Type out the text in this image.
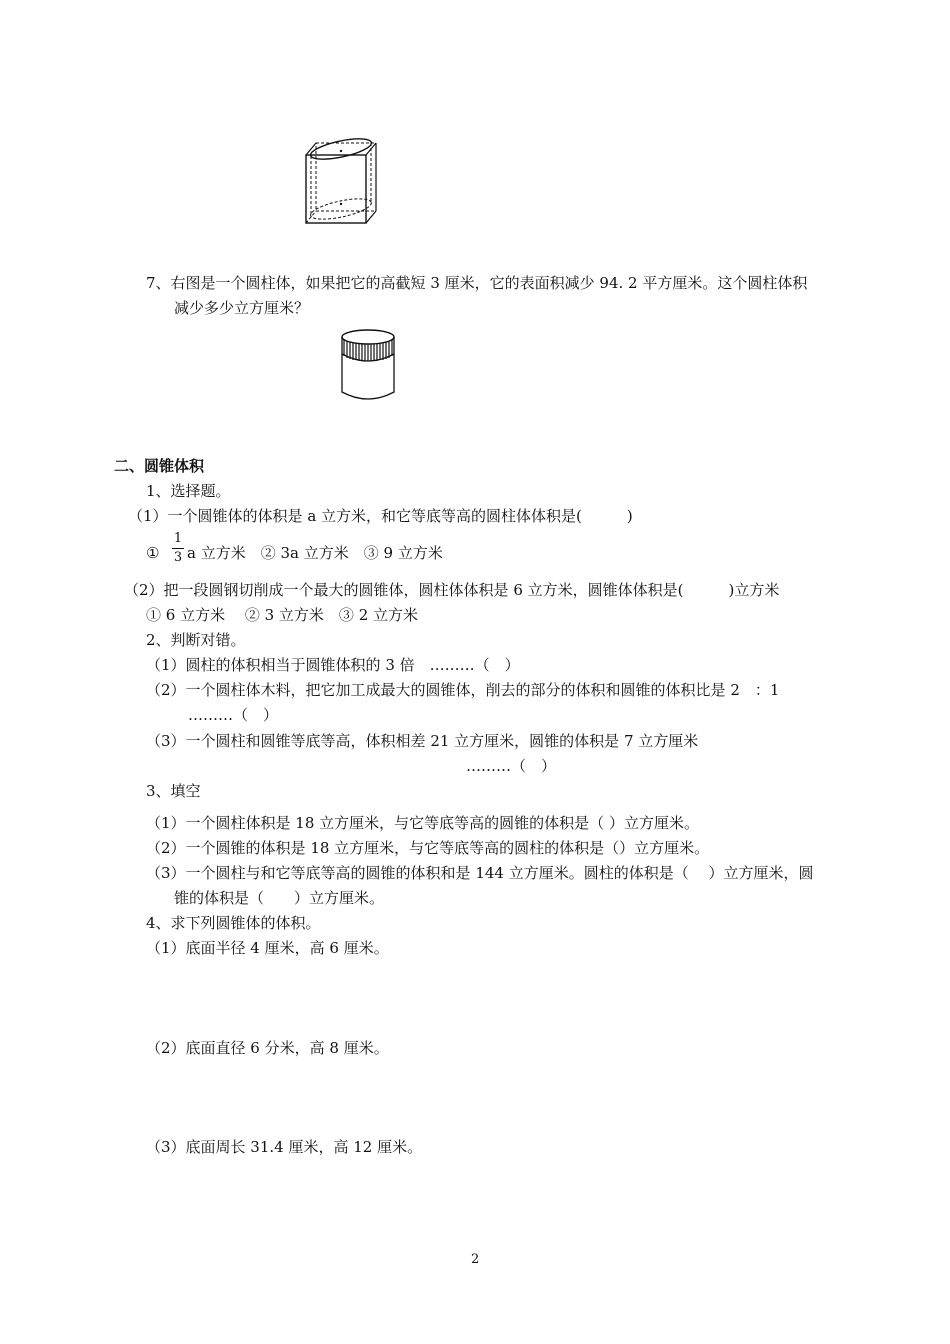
7、右图是一个圆柱体，如果把它的高截短 3 厘米，它的表面积减少 94. 2 平方厘米。这个圆柱体积
减少多少立方厘米？
二、圆锥体积
1、选择题。
（1）一个圆锥体的体积是 a 立方米，和它等底等高的圆柱体体积是(　　　)
①
1
3 a 立方米　② 3a 立方米　③ 9 立方米
（2）把一段圆钢切削成一个最大的圆锥体，圆柱体体积是 6 立方米，圆锥体体积是(　　　)立方米
① 6 立方米　 ② 3 立方米　③ 2 立方米
2、判断对错。
（1）圆柱的体积相当于圆锥体积的 3 倍　………（　）
（2）一个圆柱体木料，把它加工成最大的圆锥体，削去的部分的体积和圆锥的体积比是 2　：1
………（　）
（3）一个圆柱和圆锥等底等高，体积相差 21 立方厘米，圆锥的体积是 7 立方厘米
………（　）
3、填空
（1）一个圆柱体积是 18 立方厘米，与它等底等高的圆锥的体积是（ ）立方厘米。
（2）一个圆锥的体积是 18 立方厘米，与它等底等高的圆柱的体积是（）立方厘米。
（3）一个圆柱与和它等底等高的圆锥的体积和是 144 立方厘米。圆柱的体积是（　 ）立方厘米，圆
锥的体积是（　　）立方厘米。
4、求下列圆锥体的体积。
（1）底面半径 4 厘米，高 6 厘米。
（2）底面直径 6 分米，高 8 厘米。
（3）底面周长 31.4 厘米，高 12 厘米。
2
